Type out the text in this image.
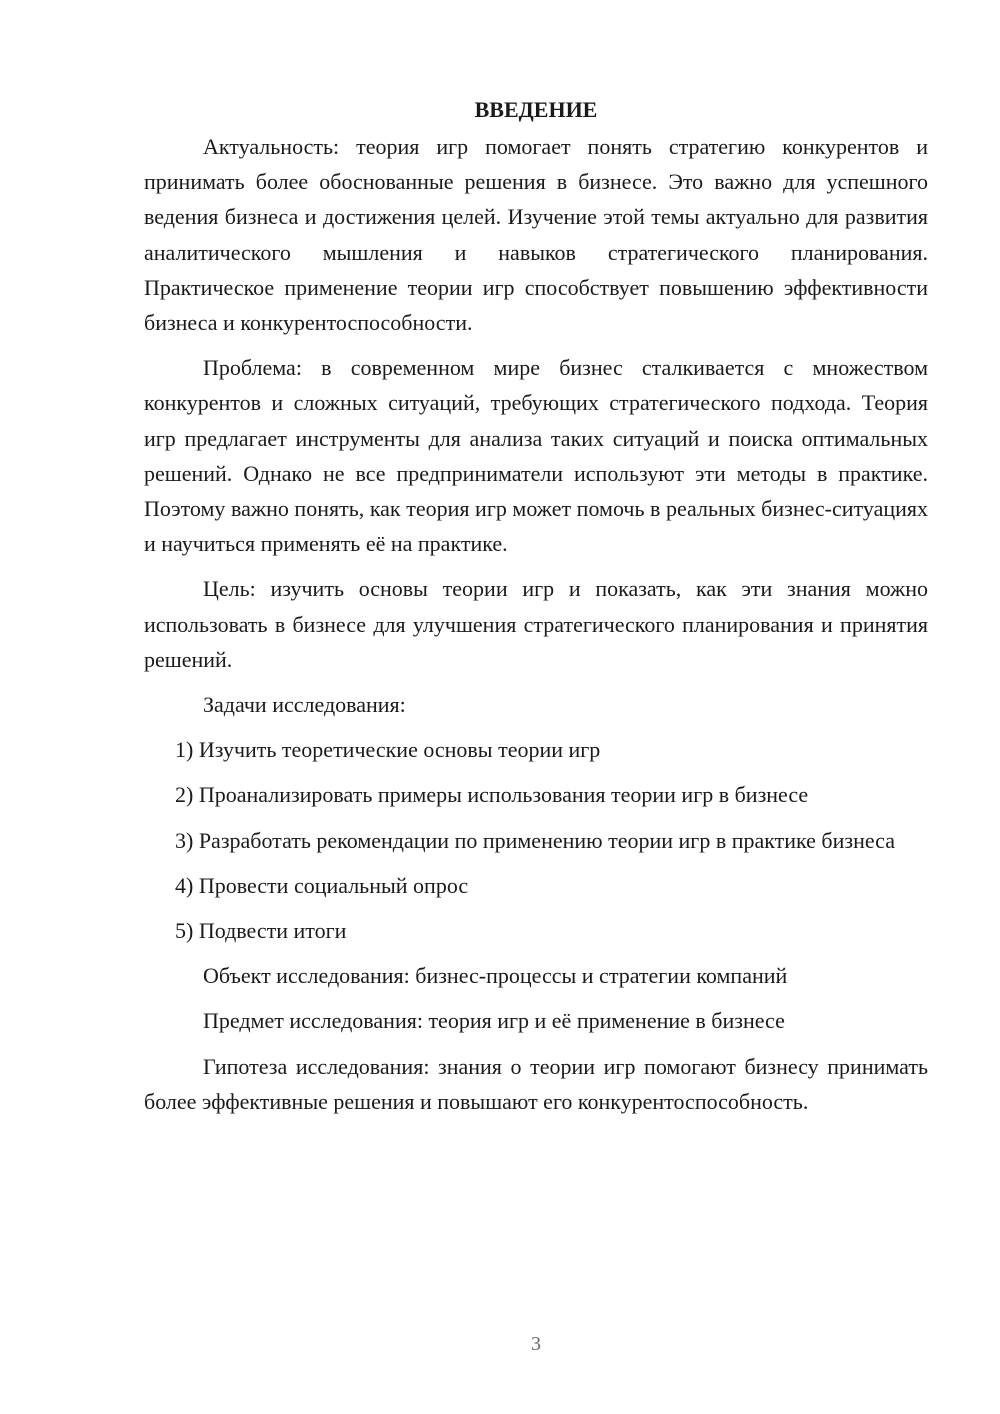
ВВЕДЕНИЕ

Актуальность: теория игр помогает понять стратегию конкурентов и принимать более обоснованные решения в бизнесе. Это важно для успешного ведения бизнеса и достижения целей. Изучение этой темы актуально для развития аналитического мышления и навыков стратегического планирования. Практическое применение теории игр способствует повышению эффективности бизнеса и конкурентоспособности.

Проблема: в современном мире бизнес сталкивается с множеством конкурентов и сложных ситуаций, требующих стратегического подхода. Теория игр предлагает инструменты для анализа таких ситуаций и поиска оптимальных решений. Однако не все предприниматели используют эти методы в практике. Поэтому важно понять, как теория игр может помочь в реальных бизнес-ситуациях и научиться применять её на практике.

Цель: изучить основы теории игр и показать, как эти знания можно использовать в бизнесе для улучшения стратегического планирования и принятия решений.

Задачи исследования:

1) Изучить теоретические основы теории игр

2) Проанализировать примеры использования теории игр в бизнесе

3) Разработать рекомендации по применению теории игр в практике бизнеса

4) Провести социальный опрос

5) Подвести итоги

Объект исследования: бизнес-процессы и стратегии компаний

Предмет исследования: теория игр и её применение в бизнесе

Гипотеза исследования: знания о теории игр помогают бизнесу принимать более эффективные решения и повышают его конкурентоспособность.

3
